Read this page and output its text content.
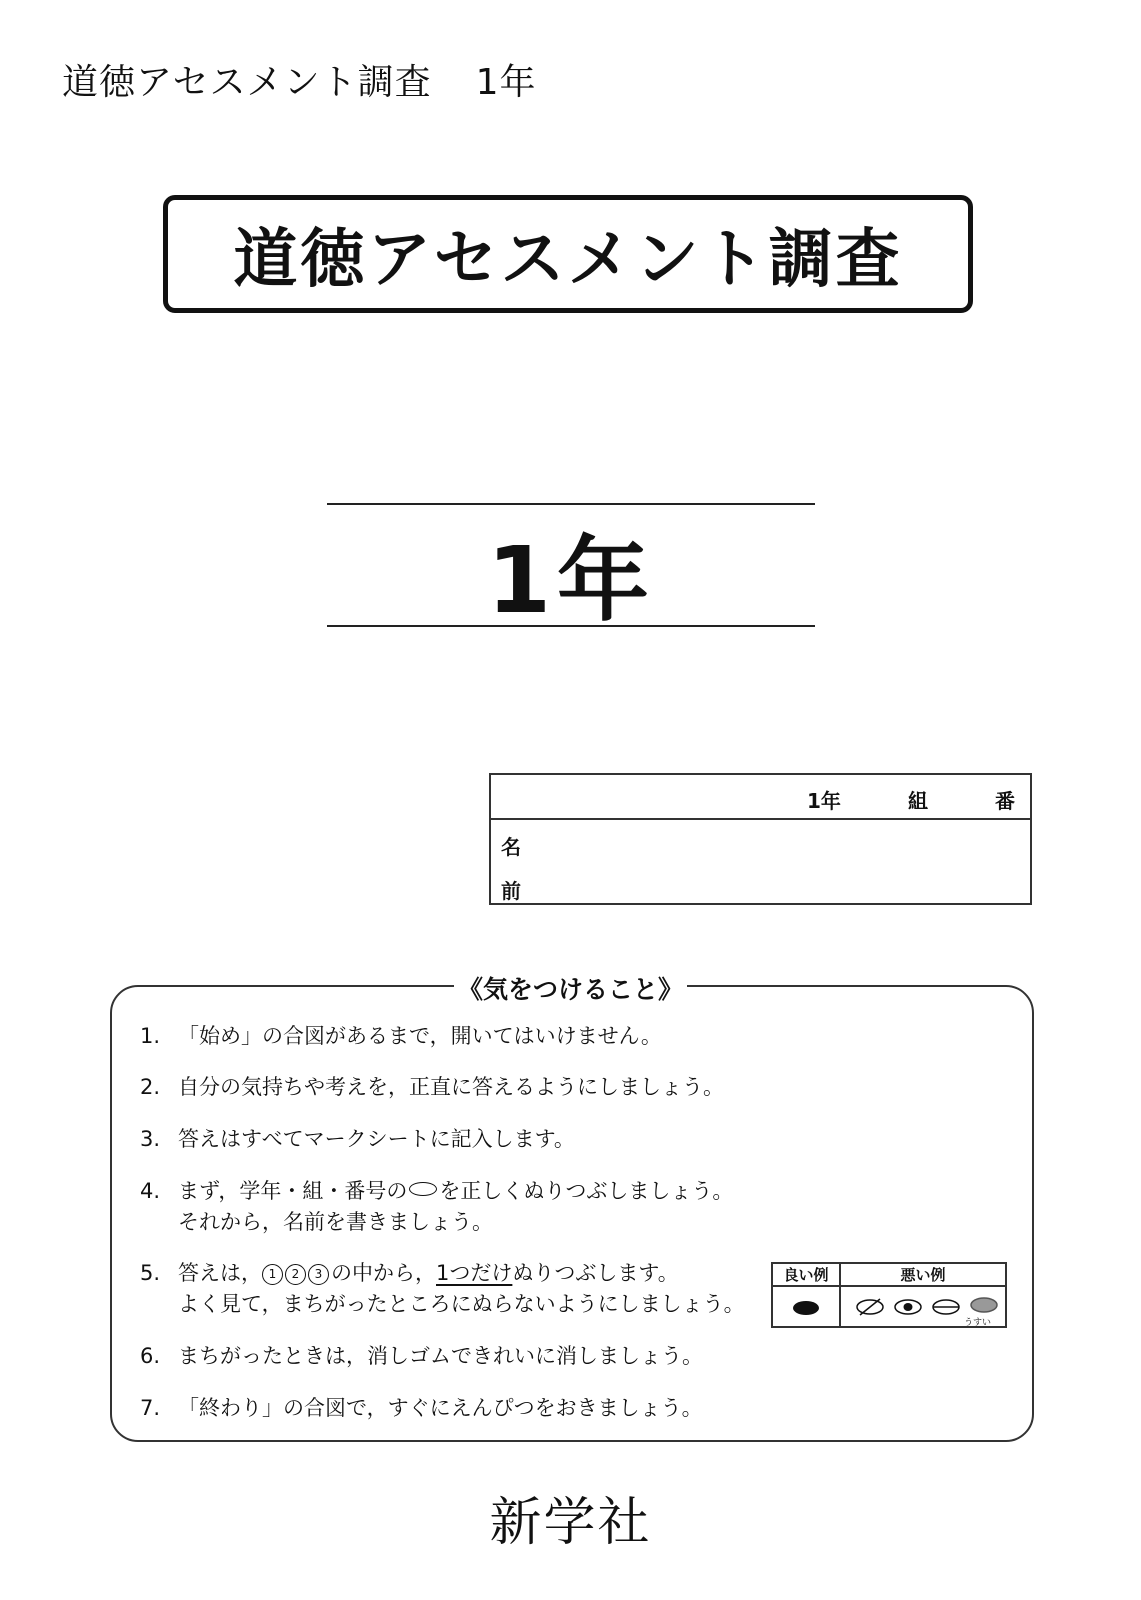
道徳アセスメント調査 1年
道徳アセスメント調査
1年
1年	組	番
名
前
《気をつけること》
1. 「始め」の合図があるまで，開いてはいけません。
2. 自分の気持ちや考えを，正直に答えるようにしましょう。
3. 答えはすべてマークシートに記入します。
4. まず，学年・組・番号の を正しくぬりつぶしましょう。
それから，名前を書きましょう。
5. 答えは， 1 2 3 の中から，1つだけぬりつぶします。
よく見て，まちがったところにぬらないようにしましょう。
6. まちがったときは，消しゴムできれいに消しましょう。
7. 「終わり」の合図で，すぐにえんぴつをおきましょう。
良い例	悪い例
うすい
新学社
